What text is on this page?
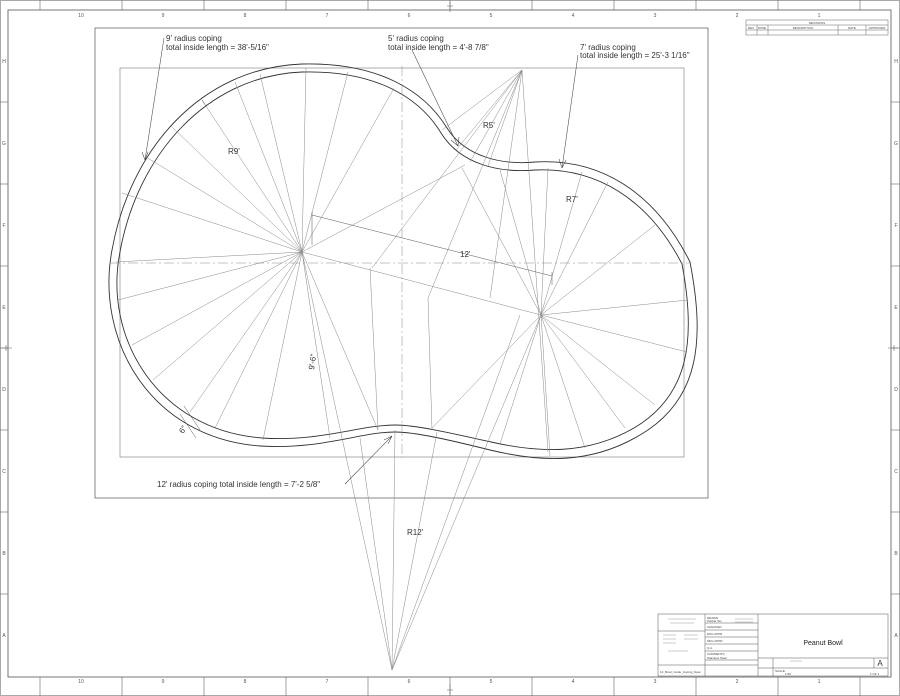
10	9	8	7	6	5	4	3	2	1
10	9	8	7	6	5	4	3	2	1
H
G
F
E
D
C
B
A
H
G
F
E
D
C
B
A
REVISIONS
REV ZONE	DESCRIPTION	DATE	APPROVED
9' radius coping
total inside length = 38'-5/16"
5' radius coping
total inside length = 4'-8 7/8"	7' radius coping
total inside length = 25'-3 1/16"
12' radius coping total inside length = 7'-2 5/8"
R9'
R5'
R7'
R12'
12'
9'-6"
6"
DRAWN
Pebble Tec
CHECKED
ENG APPR
MFG APPR
Q.A.
COMMENTS
Stainless Steel
Peanut Bowl
A
SCALE
1:96	1 OF 1
12_Bowl_Inside_Coping_Spec
